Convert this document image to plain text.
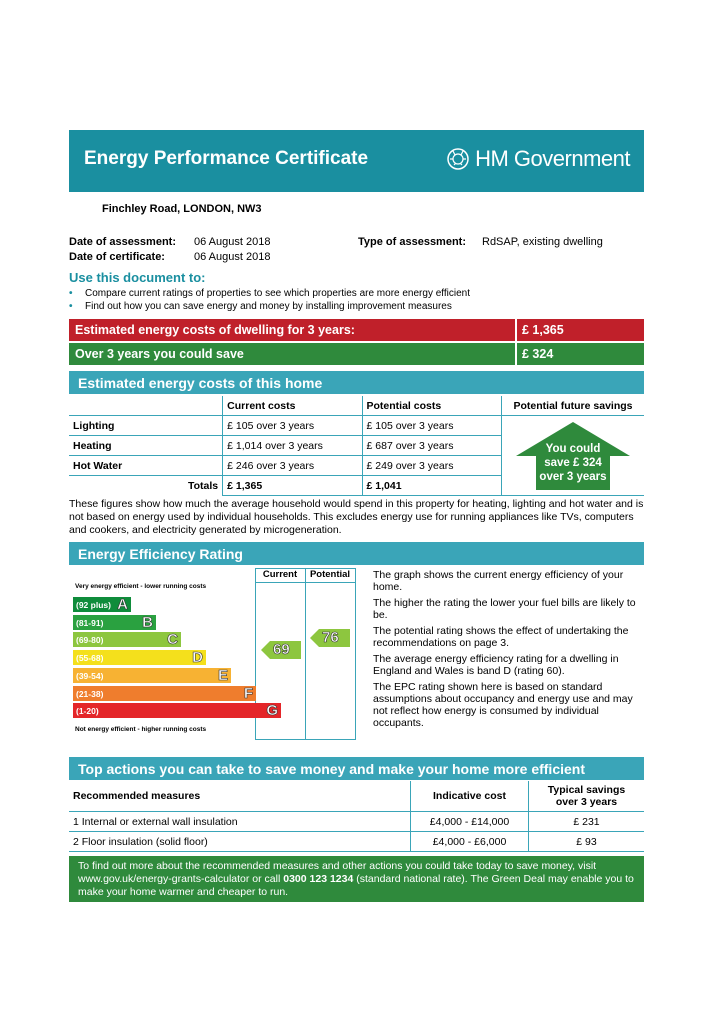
Energy Performance Certificate	HM Government
Finchley Road, LONDON, NW3
Date of assessment: 06 August 2018
Date of certificate:	06 August 2018
Type of assessment: RdSAP, existing dwelling
Use this document to:
• Compare current ratings of properties to see which properties are more energy efficient
• Find out how you can save energy and money by installing improvement measures
Estimated energy costs of dwelling for 3 years:	£ 1,365
Over 3 years you could save	£ 324
Estimated energy costs of this home
	Current costs	Potential costs	Potential future savings
Lighting	£ 105 over 3 years	£ 105 over 3 years	You could
save £ 324
over 3 years

Heating	£ 1,014 over 3 years	£ 687 over 3 years	
Hot Water	£ 246 over 3 years	£ 249 over 3 years	
Totals	£ 1,365	£ 1,041	
These figures show how much the average household would spend in this property for heating, lighting and hot water and is not based on energy used by individual households. This excludes energy use for running appliances like TVs, computers and cookers, and electricity generated by microgeneration.
Energy Efficiency Rating
Current	Potential
Very energy efficient - lower running costs
Not energy efficient - higher running costs
69
76

The graph shows the current energy efficiency of your home.

The higher the rating the lower your fuel bills are likely to be.

The potential rating shows the effect of undertaking the recommendations on page 3.

The average energy efficiency rating for a dwelling in England and Wales is band D (rating 60).

The EPC rating shown here is based on standard assumptions about occupancy and energy use and may not reflect how energy is consumed by individual occupants.

Top actions you can take to save money and make your home more efficient
Recommended measures	Indicative cost	Typical savings
over 3 years

1 Internal or external wall insulation	£4,000 - £14,000	£ 231
2 Floor insulation (solid floor)	£4,000 - £6,000	£ 93
To find out more about the recommended measures and other actions you could take today to save money, visit www.gov.uk/energy-grants-calculator or call 0300 123 1234 (standard national rate). The Green Deal may enable you to make your home warmer and cheaper to run.
(92 plus) A
(81-91)	B
(69-80)	C
(55-68)	D
(39-54)	E
(21-38)	F
(1-20)	G
